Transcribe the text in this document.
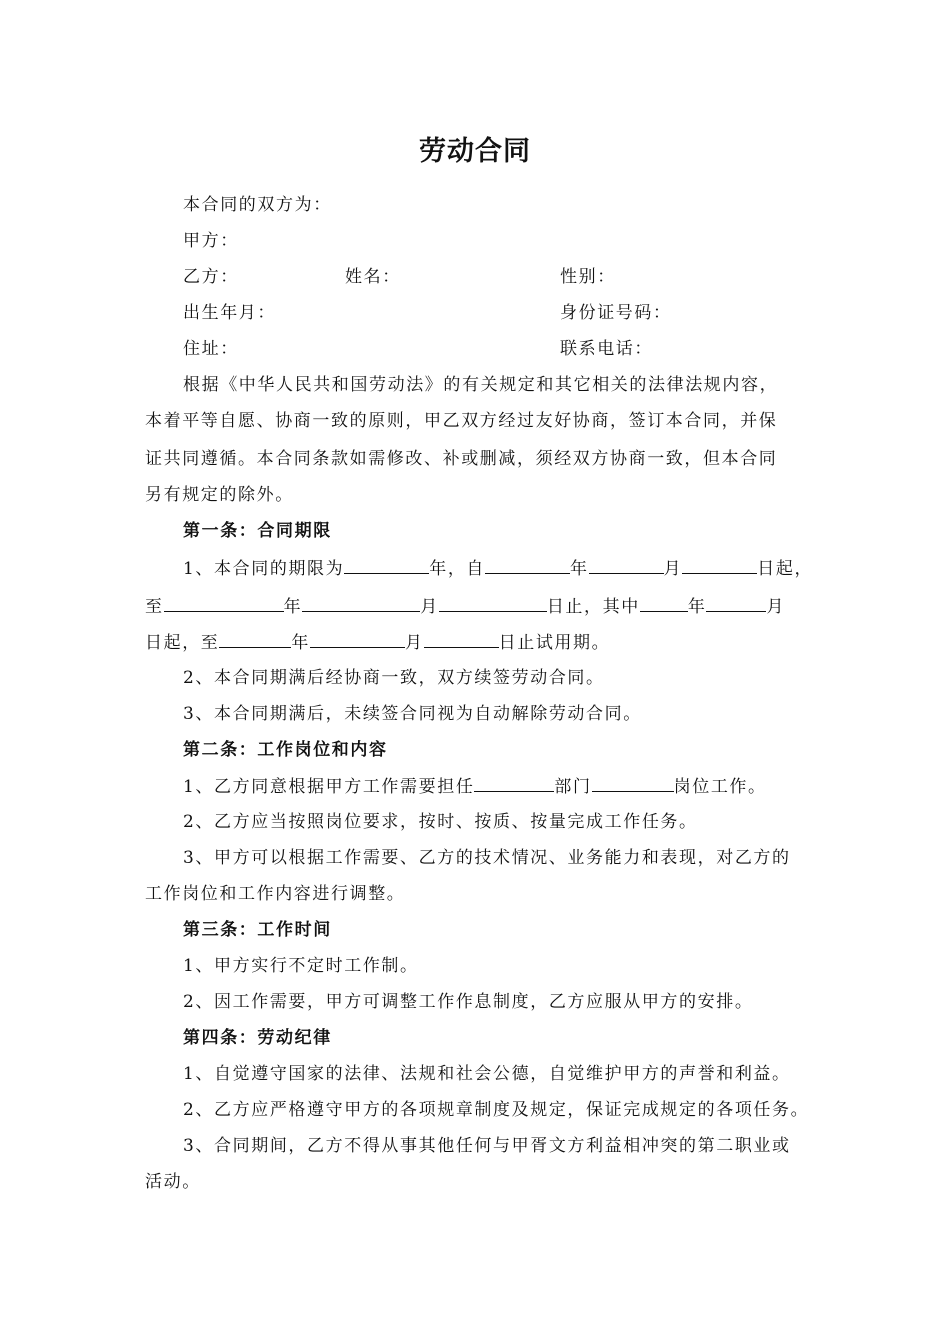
劳动合同
本合同的双方为：
甲方：
乙方：	姓名：	性别：
出生年月：	身份证号码：
住址：	联系电话：
根据《中华人民共和国劳动法》的有关规定和其它相关的法律法规内容，
本着平等自愿、协商一致的原则，甲乙双方经过友好协商，签订本合同，并保
证共同遵循。本合同条款如需修改、补或删减，须经双方协商一致，但本合同
另有规定的除外。
第一条：合同期限
1、本合同的期限为	年，自	年	月	日起，
至	年	月	日止，其中	年	月
日起，至	年	月	日止试用期。
2、本合同期满后经协商一致，双方续签劳动合同。
3、本合同期满后，未续签合同视为自动解除劳动合同。
第二条：工作岗位和内容
1、乙方同意根据甲方工作需要担任	部门	岗位工作。
2、乙方应当按照岗位要求，按时、按质、按量完成工作任务。
3、甲方可以根据工作需要、乙方的技术情况、业务能力和表现，对乙方的
工作岗位和工作内容进行调整。
第三条：工作时间
1、甲方实行不定时工作制。
2、因工作需要，甲方可调整工作作息制度，乙方应服从甲方的安排。
第四条：劳动纪律
1、自觉遵守国家的法律、法规和社会公德，自觉维护甲方的声誉和利益。
2、乙方应严格遵守甲方的各项规章制度及规定，保证完成规定的各项任务。
3、合同期间，乙方不得从事其他任何与甲胥文方利益相冲突的第二职业或
活动。
